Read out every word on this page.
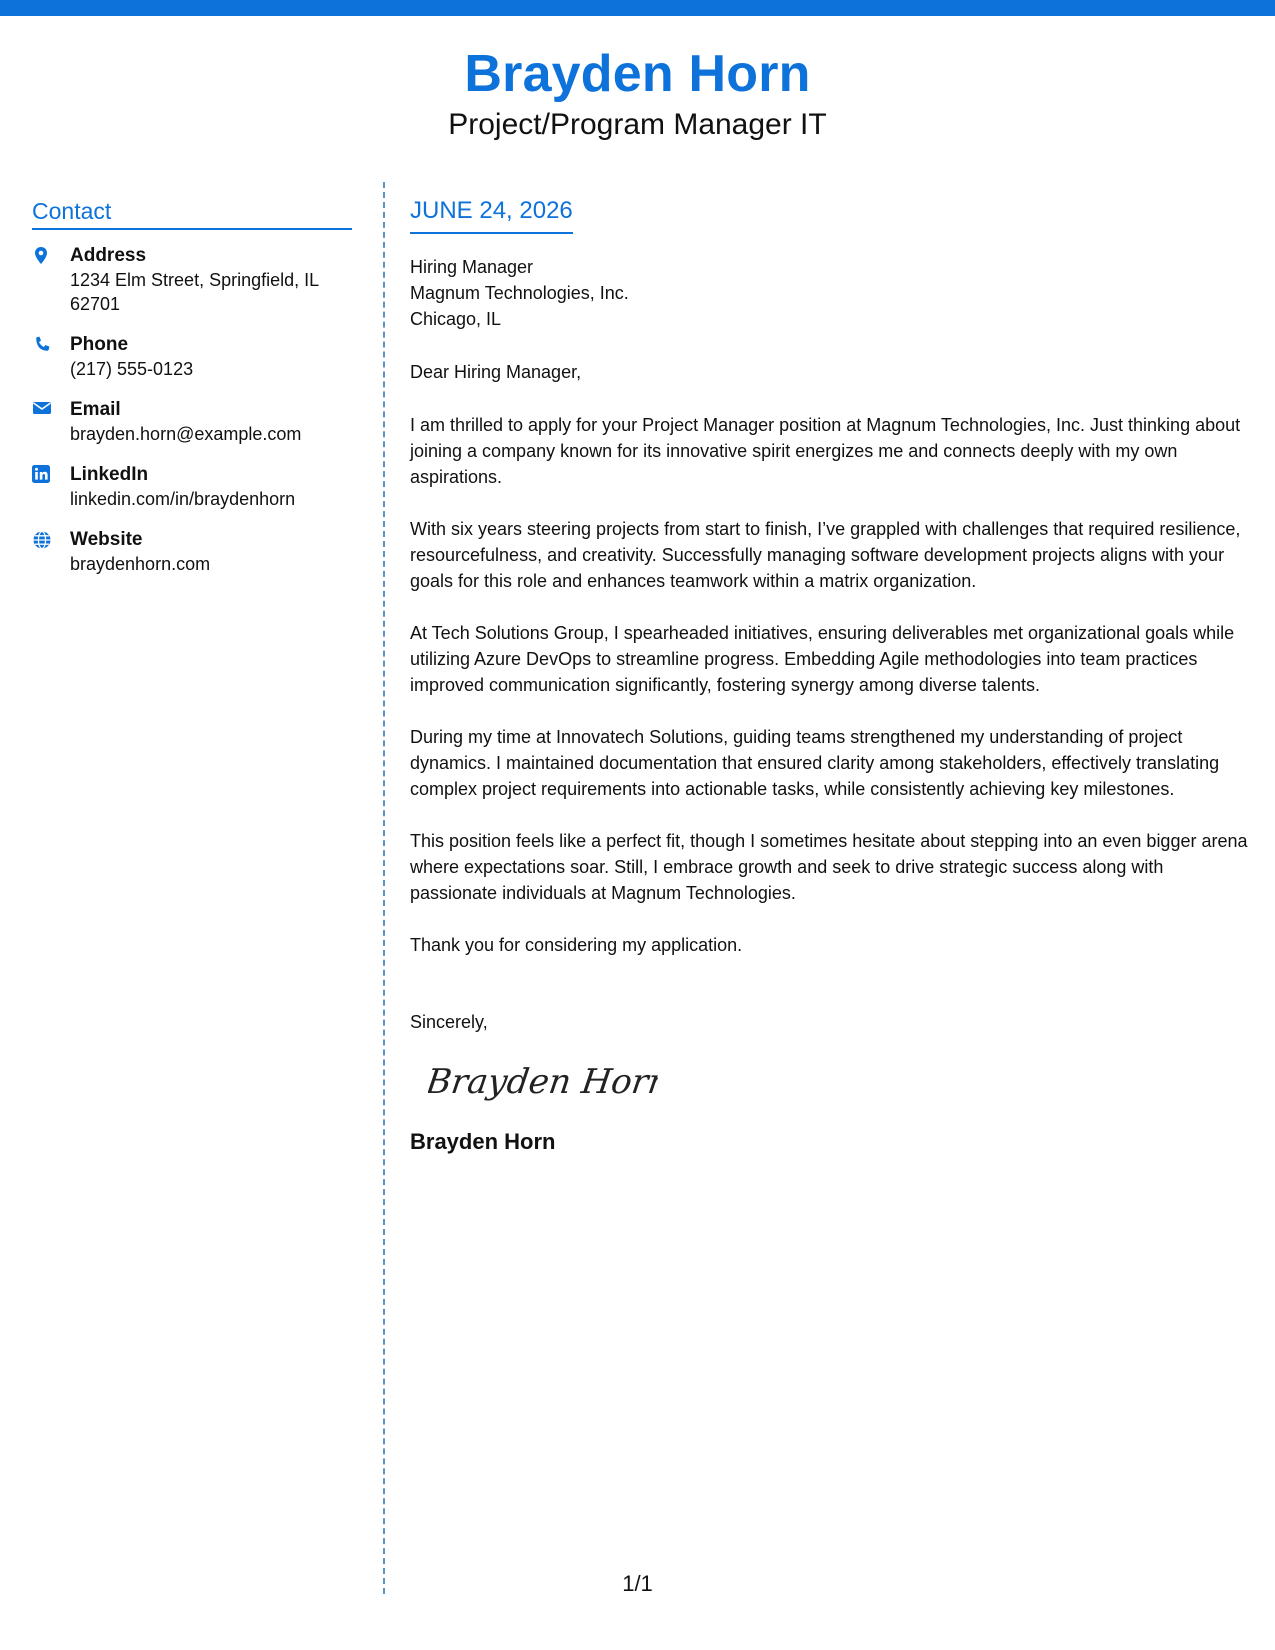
Brayden Horn
Project/Program Manager IT
Contact
Address
1234 Elm Street, Springfield, IL 62701
Phone
(217) 555-0123
Email
brayden.horn@example.com
LinkedIn
linkedin.com/in/braydenhorn
Website
braydenhorn.com
JUNE 24, 2026
Hiring Manager
Magnum Technologies, Inc.
Chicago, IL
Dear Hiring Manager,

I am thrilled to apply for your Project Manager position at Magnum Technologies, Inc. Just thinking about joining a company known for its innovative spirit energizes me and connects deeply with my own aspirations.

With six years steering projects from start to finish, I’ve grappled with challenges that required resilience, resourcefulness, and creativity. Successfully managing software development projects aligns with your goals for this role and enhances teamwork within a matrix organization.

At Tech Solutions Group, I spearheaded initiatives, ensuring deliverables met organizational goals while utilizing Azure DevOps to streamline progress. Embedding Agile methodologies into team practices improved communication significantly, fostering synergy among diverse talents.

During my time at Innovatech Solutions, guiding teams strengthened my understanding of project dynamics. I maintained documentation that ensured clarity among stakeholders, effectively translating complex project requirements into actionable tasks, while consistently achieving key milestones.

This position feels like a perfect fit, though I sometimes hesitate about stepping into an even bigger arena where expectations soar. Still, I embrace growth and seek to drive strategic success along with passionate individuals at Magnum Technologies.

Thank you for considering my application.

Sincerely,
Brayden Horn
Brayden Horn
1/1
